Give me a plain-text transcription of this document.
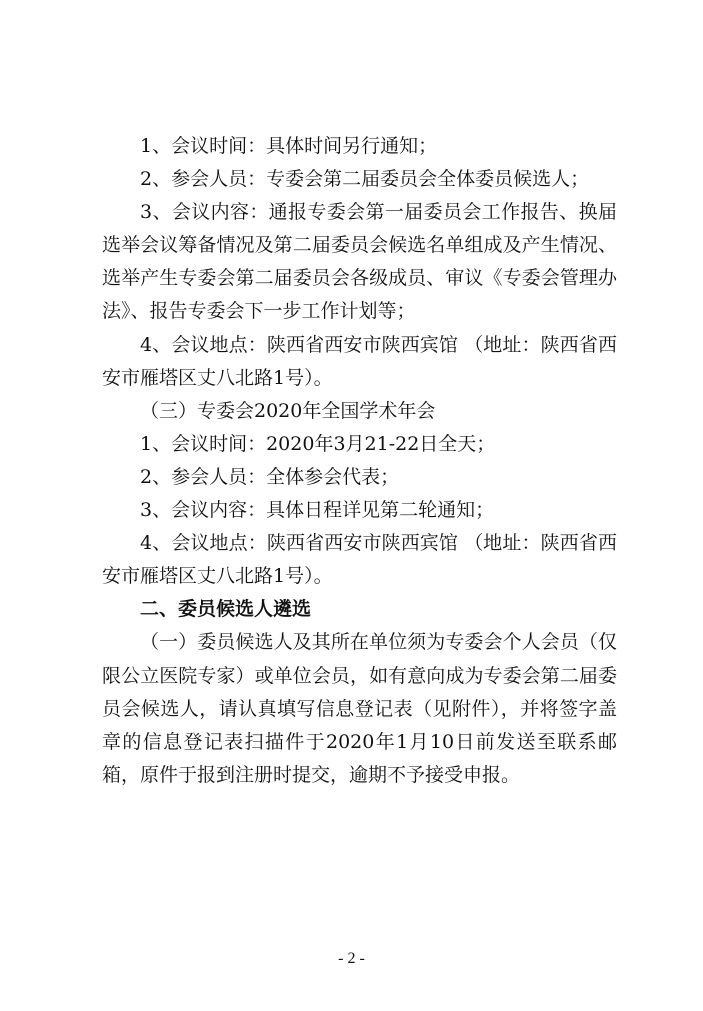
1、会议时间：具体时间另行通知；

2、参会人员：专委会第二届委员会全体委员候选人；

3、会议内容：通报专委会第一届委员会工作报告、换届选举会议筹备情况及第二届委员会候选名单组成及产生情况、选举产生专委会第二届委员会各级成员、审议《专委会管理办法》、报告专委会下一步工作计划等；

4、会议地点：陕西省西安市陕西宾馆 （地址：陕西省西安市雁塔区丈八北路1号）。

（三）专委会2020年全国学术年会

1、会议时间：2020年3月21-22日全天；

2、参会人员：全体参会代表；

3、会议内容：具体日程详见第二轮通知；

4、会议地点：陕西省西安市陕西宾馆 （地址：陕西省西安市雁塔区丈八北路1号）。

二、委员候选人遴选

（一）委员候选人及其所在单位须为专委会个人会员（仅限公立医院专家）或单位会员，如有意向成为专委会第二届委员会候选人，请认真填写信息登记表（见附件），并将签字盖章的信息登记表扫描件于2020年1月10日前发送至联系邮箱，原件于报到注册时提交，逾期不予接受申报。

- 2 -
